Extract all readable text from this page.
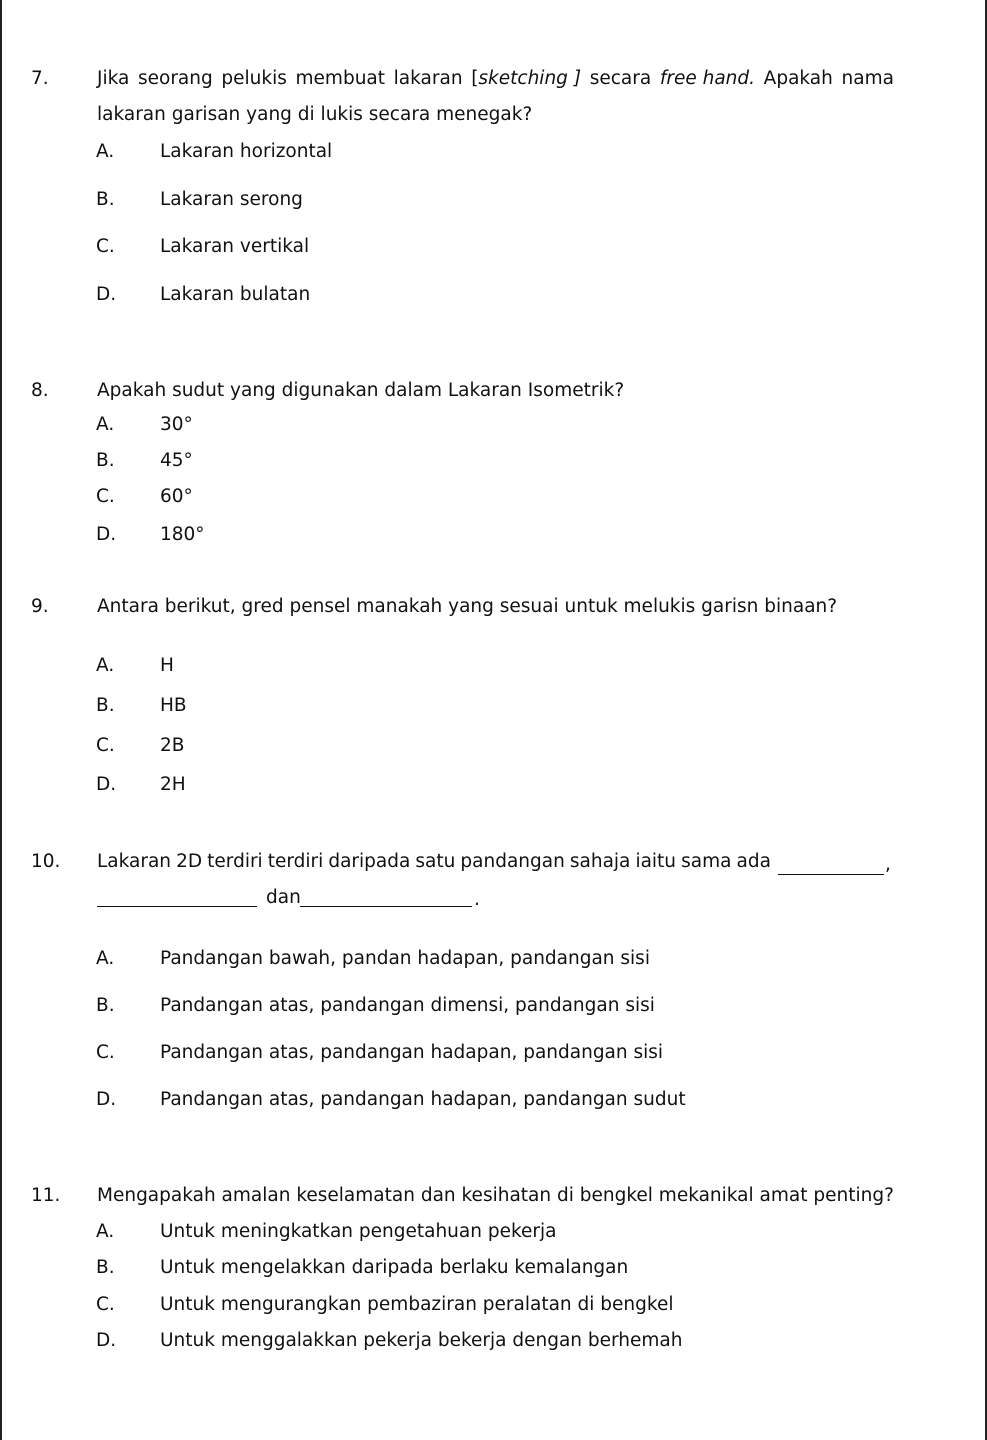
7.	Jika seorang pelukis membuat lakaran [sketching ] secara free hand. Apakah nama
lakaran garisan yang di lukis secara menegak?
A. Lakaran horizontal
B. Lakaran serong
C. Lakaran vertikal
D. Lakaran bulatan
8.	Apakah sudut yang digunakan dalam Lakaran Isometrik?
A. 30°
B. 45°
C. 60°
D. 180°
9.	Antara berikut, gred pensel manakah yang sesuai untuk melukis garisn binaan?
A. H
B. HB
C. 2B
D. 2H
10. Lakaran 2D terdiri terdiri daripada satu pandangan sahaja iaitu sama ada	,
dan	.
A. Pandangan bawah, pandan hadapan, pandangan sisi
B. Pandangan atas, pandangan dimensi, pandangan sisi
C. Pandangan atas, pandangan hadapan, pandangan sisi
D. Pandangan atas, pandangan hadapan, pandangan sudut
11. Mengapakah amalan keselamatan dan kesihatan di bengkel mekanikal amat penting?
A. Untuk meningkatkan pengetahuan pekerja
B. Untuk mengelakkan daripada berlaku kemalangan
C. Untuk mengurangkan pembaziran peralatan di bengkel
D. Untuk menggalakkan pekerja bekerja dengan berhemah
